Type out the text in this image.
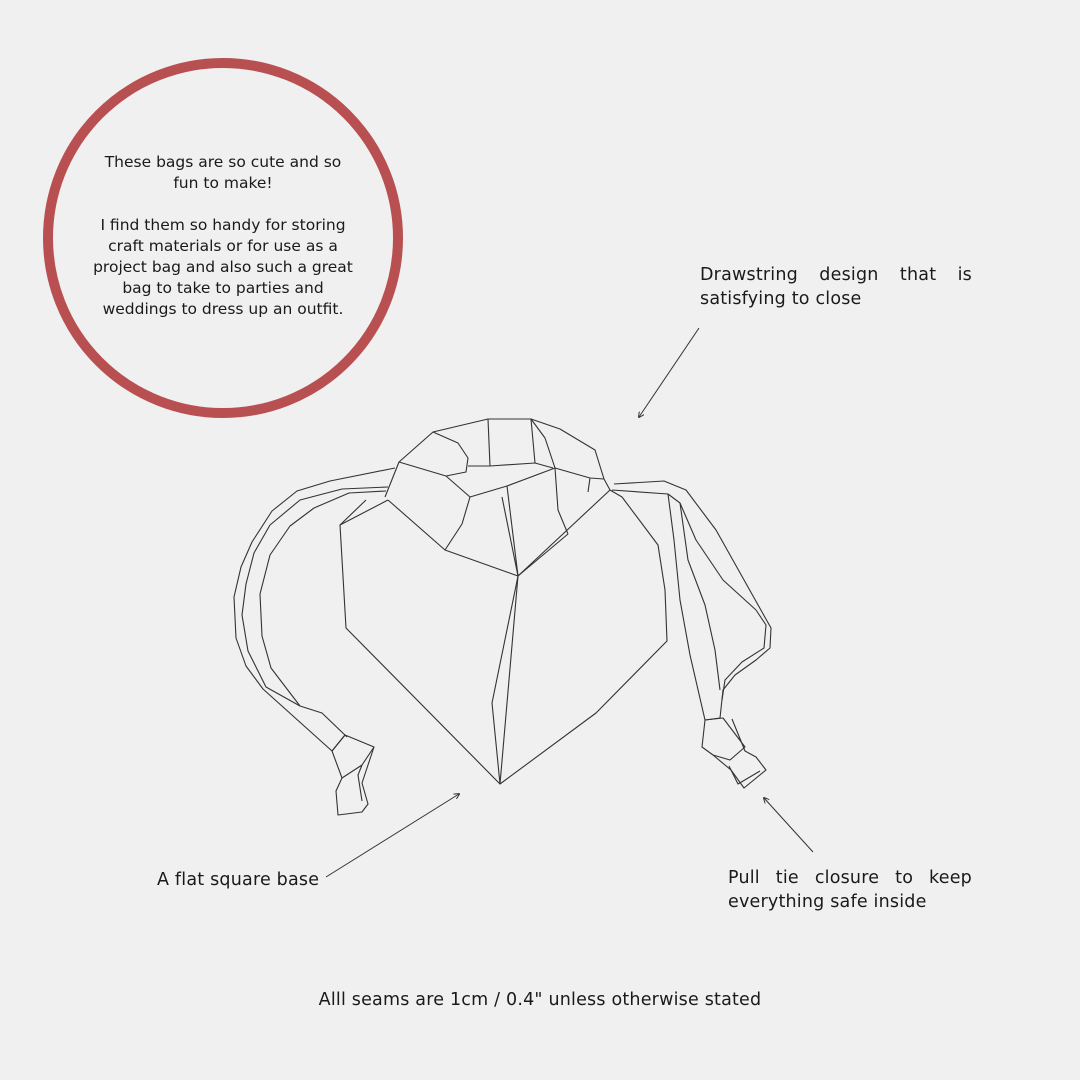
These bags are so cute and so fun to make!

I find them so handy for storing craft materials or for use as a project bag and also such a great bag to take to parties and weddings to dress up an outfit.

Drawstring design that is satisfying to close
A flat square base	Pull tie closure to keep everything safe inside
Alll seams are 1cm / 0.4" unless otherwise stated
